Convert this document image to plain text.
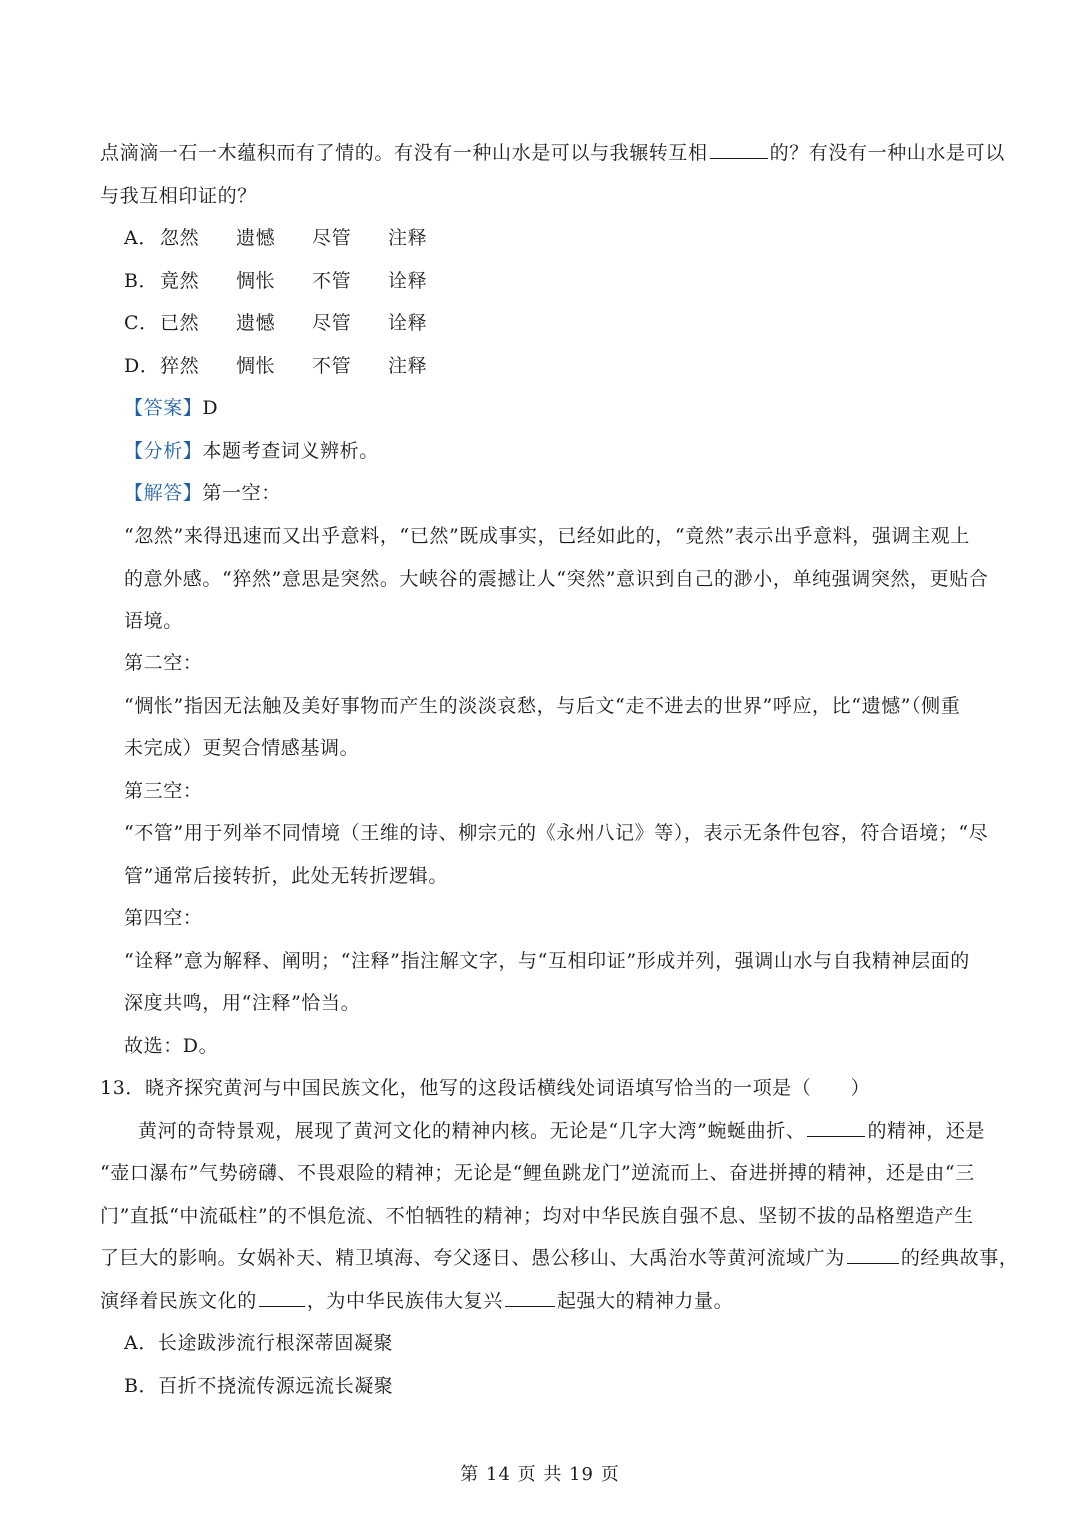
点滴滴一石一木蕴积而有了情的。有没有一种山水是可以与我辗转互相	的？有没有一种山水是可以
与我互相印证的？
A． 忽然 遗憾 尽管 注释
B．竟然 惆怅 不管 诠释
C．已然 遗憾 尽管 诠释
D．猝然 惆怅 不管 注释
【答案】D
【分析】本题考查词义辨析。
【解答】第一空：
“忽然”来得迅速而又出乎意料，“已然”既成事实，已经如此的，“竟然”表示出乎意料，强调主观上
的意外感。“猝然”意思是突然。大峡谷的震撼让人“突然”意识到自己的渺小，单纯强调突然，更贴合
语境。
第二空：
“惆怅”指因无法触及美好事物而产生的淡淡哀愁，与后文“走不进去的世界”呼应，比“遗憾”（侧重
未完成）更契合情感基调。
第三空：
“不管”用于列举不同情境（王维的诗、柳宗元的《永州八记》等），表示无条件包容，符合语境；“尽
管”通常后接转折，此处无转折逻辑。
第四空：
“诠释”意为解释、阐明；“注释”指注解文字，与“互相印证”形成并列，强调山水与自我精神层面的
深度共鸣，用“注释”恰当。
故选：D。
13．晓齐探究黄河与中国民族文化，他写的这段话横线处词语填写恰当的一项是（　　）
黄河的奇特景观，展现了黄河文化的精神内核。无论是“几字大湾”蜿蜒曲折、	的精神，还是
“壶口瀑布”气势磅礴、不畏艰险的精神；无论是“鲤鱼跳龙门”逆流而上、奋进拼搏的精神，还是由“三
门”直抵“中流砥柱”的不惧危流、不怕牺牲的精神；均对中华民族自强不息、坚韧不拔的品格塑造产生
了巨大的影响。女娲补天、精卫填海、夸父逐日、愚公移山、大禹治水等黄河流域广为	的经典故事，
演绎着民族文化的	，为中华民族伟大复兴	起强大的精神力量。
A．长途跋涉流行根深蒂固凝聚
B．百折不挠流传源远流长凝聚
第 14 页 共 19 页
